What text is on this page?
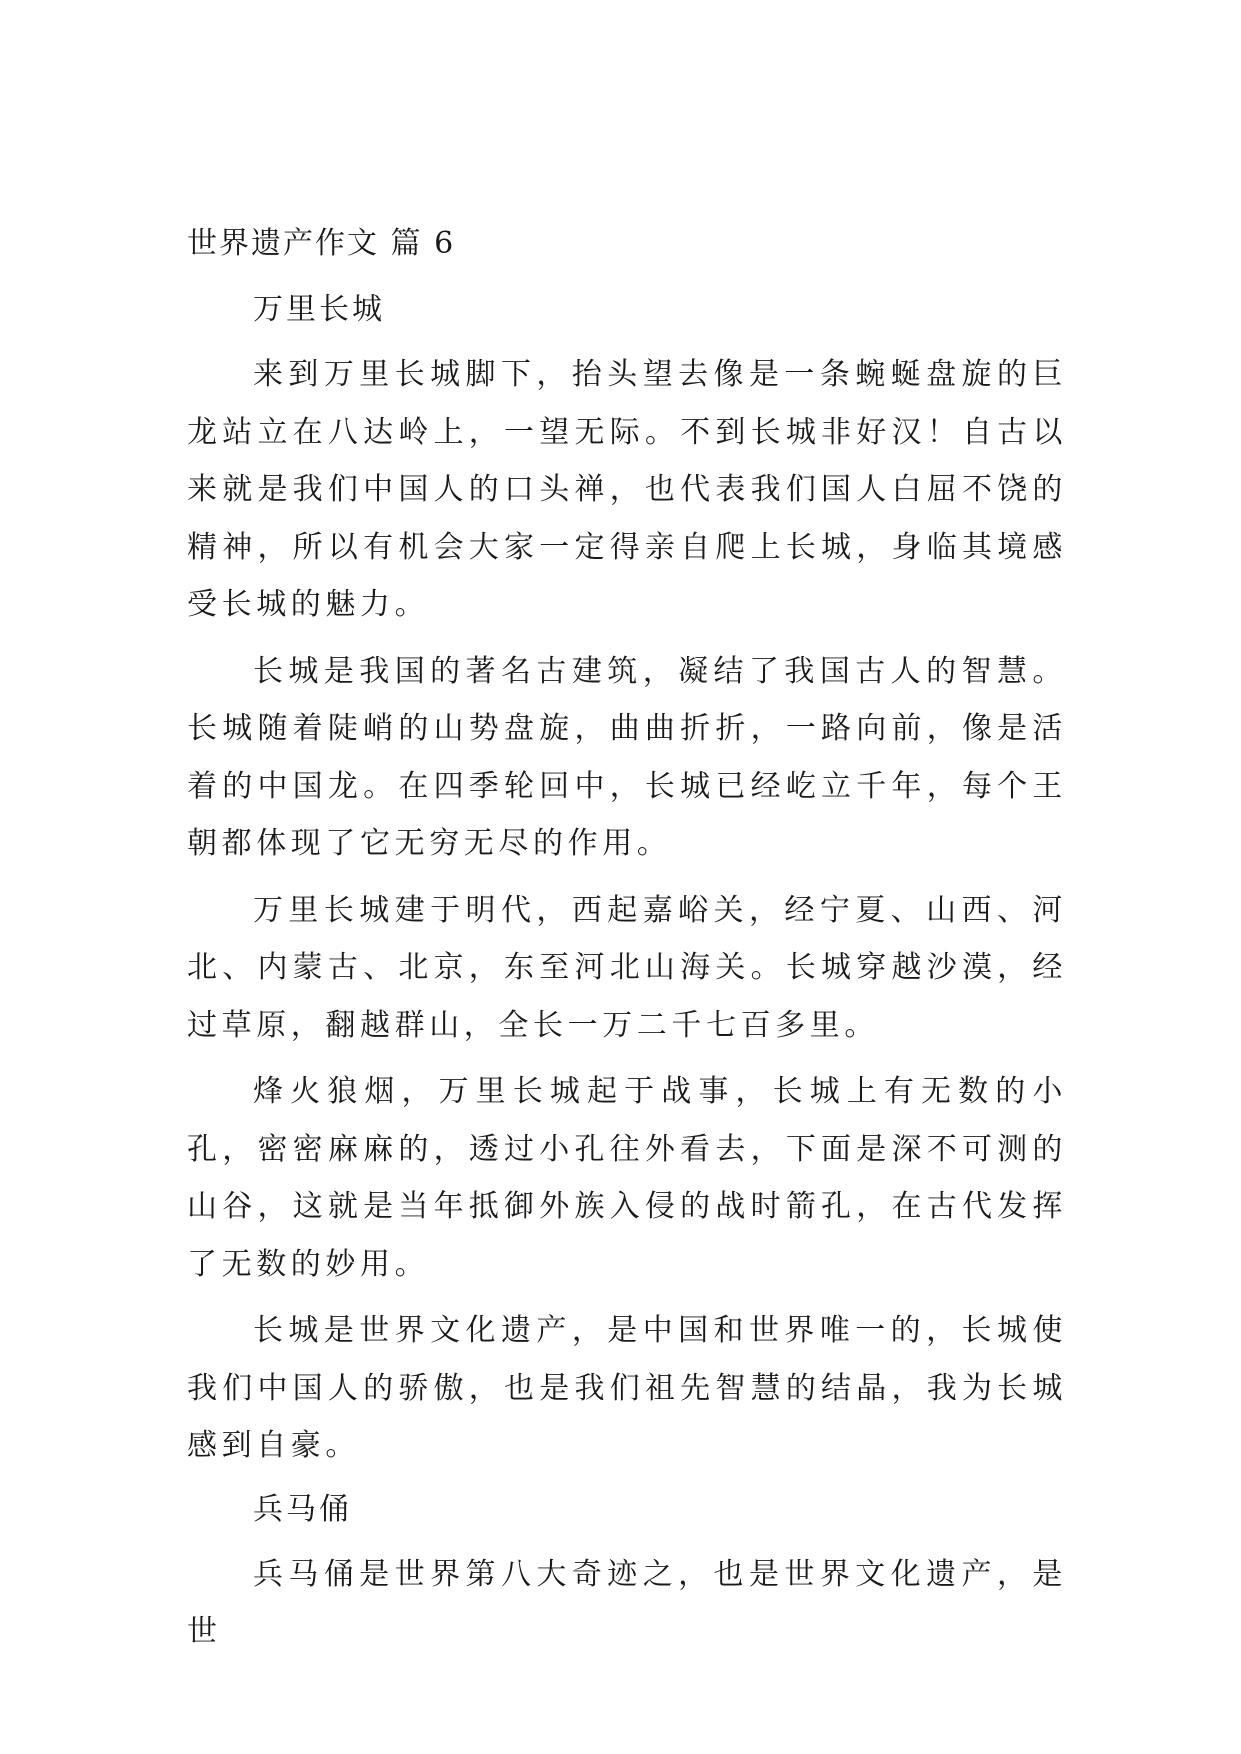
世界遗产作文 篇 6
万里长城

来到万里长城脚下，抬头望去像是一条蜿蜒盘旋的巨龙站立在八达岭上，一望无际。不到长城非好汉！自古以来就是我们中国人的口头禅，也代表我们国人白屈不饶的精神，所以有机会大家一定得亲自爬上长城，身临其境感受长城的魅力。

长城是我国的著名古建筑，凝结了我国古人的智慧。长城随着陡峭的山势盘旋，曲曲折折，一路向前，像是活着的中国龙。在四季轮回中，长城已经屹立千年，每个王朝都体现了它无穷无尽的作用。

万里长城建于明代，西起嘉峪关，经宁夏、山西、河北、内蒙古、北京，东至河北山海关。长城穿越沙漠，经过草原，翻越群山，全长一万二千七百多里。

烽火狼烟，万里长城起于战事，长城上有无数的小孔，密密麻麻的，透过小孔往外看去，下面是深不可测的山谷，这就是当年抵御外族入侵的战时箭孔，在古代发挥了无数的妙用。

长城是世界文化遗产，是中国和世界唯一的，长城使我们中国人的骄傲，也是我们祖先智慧的结晶，我为长城感到自豪。

兵马俑

兵马俑是世界第八大奇迹之，也是世界文化遗产，是世
